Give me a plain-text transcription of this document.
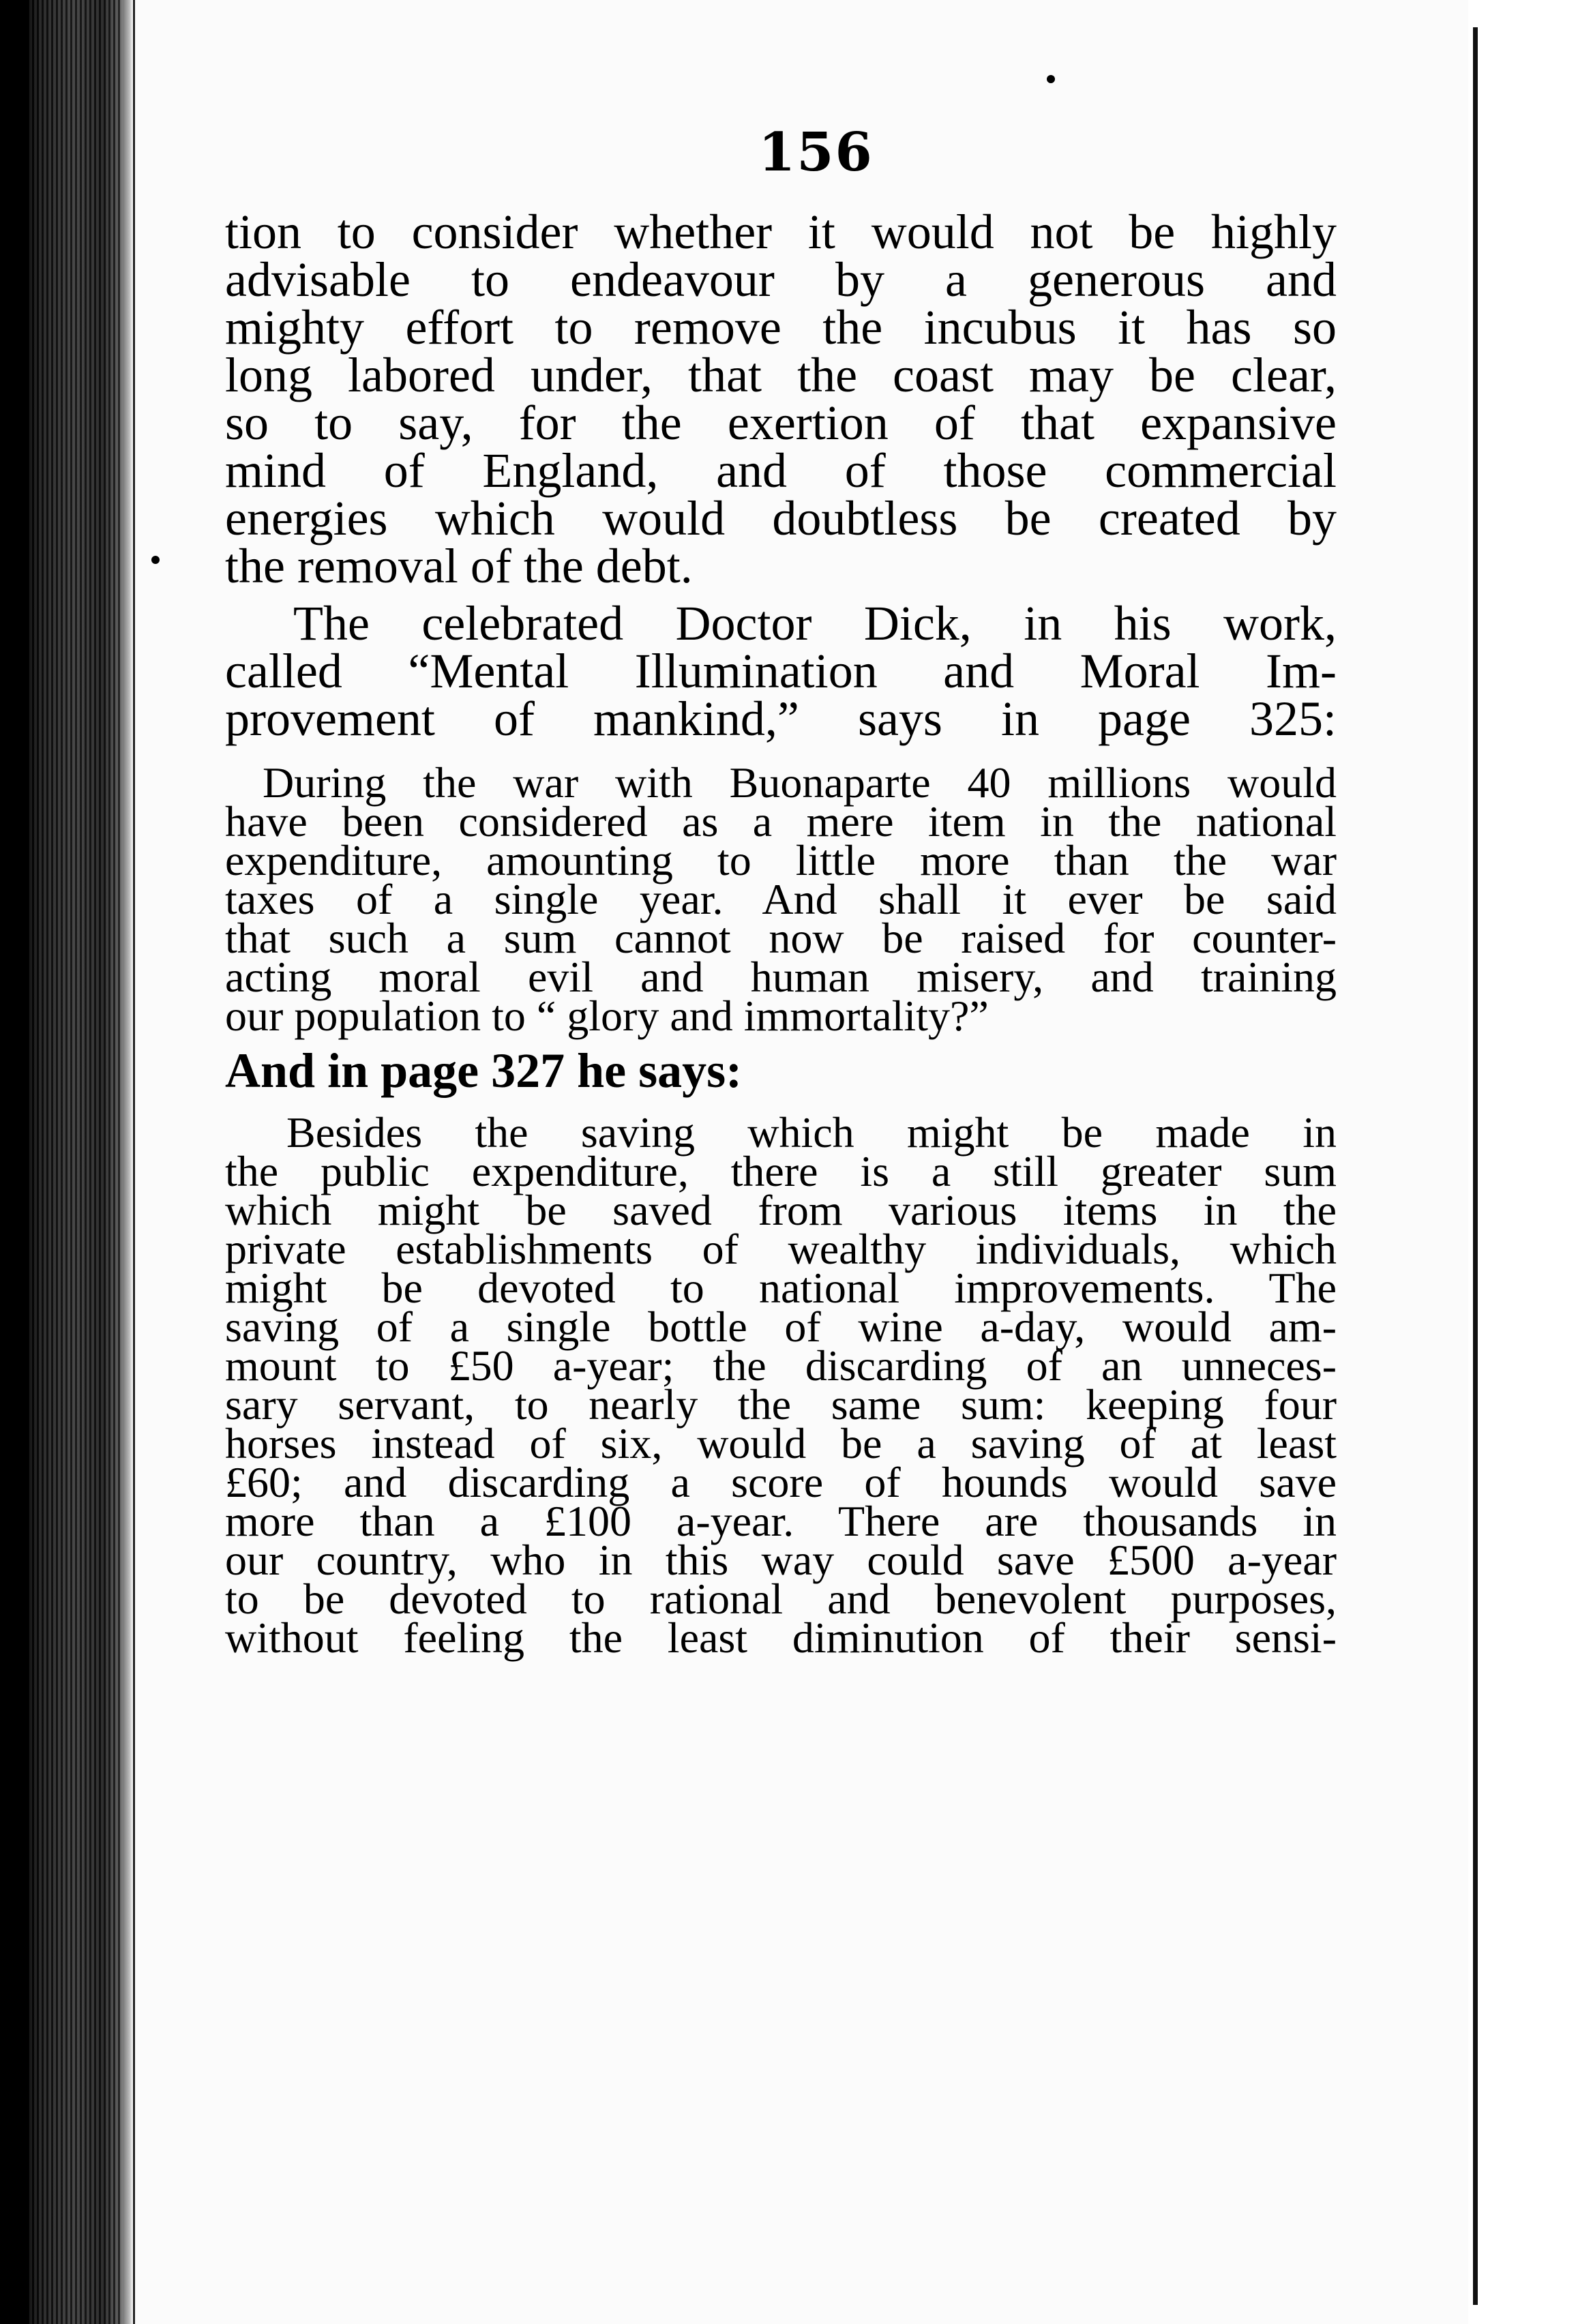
156
tion to consider whether it would not be highly
advisable to endeavour by a generous and
mighty effort to remove the incubus it has so
long labored under, that the coast may be clear,
so to say, for the exertion of that expansive
mind of England, and of those commercial
energies which would doubtless be created by
the removal of the debt.
The celebrated Doctor Dick, in his work,
called “Mental Illumination and Moral Im-
provement of mankind,” says in page 325:
During the war with Buonaparte 40 millions would
have been considered as a mere item in the national
expenditure, amounting to little more than the war
taxes of a single year. And shall it ever be said
that such a sum cannot now be raised for counter-
acting moral evil and human misery, and training
our population to “ glory and immortality?”
And in page 327 he says:
Besides the saving which might be made in
the public expenditure, there is a still greater sum
which might be saved from various items in the
private establishments of wealthy individuals, which
might be devoted to national improvements. The
saving of a single bottle of wine a-day, would am-
mount to £50 a-year; the discarding of an unneces-
sary servant, to nearly the same sum: keeping four
horses instead of six, would be a saving of at least
£60; and discarding a score of hounds would save
more than a £100 a-year. There are thousands in
our country, who in this way could save £500 a-year
to be devoted to rational and benevolent purposes,
without feeling the least diminution of their sensi-
